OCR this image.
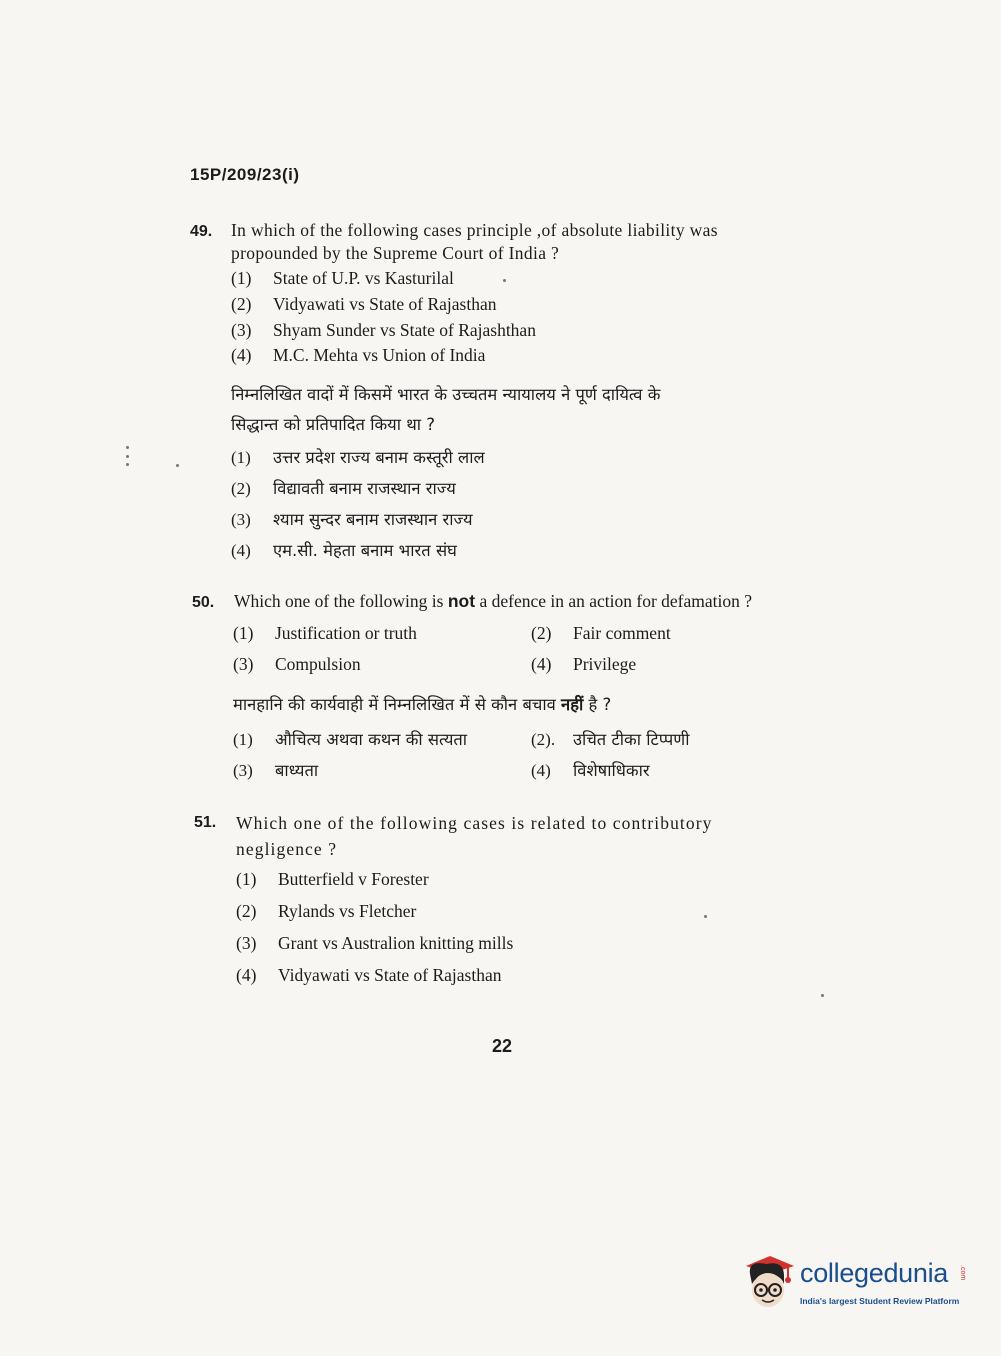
15P/209/23(i)
49. In which of the following cases principle ,of absolute liability was
propounded by the Supreme Court of India ?
(1) State of U.P. vs Kasturilal
(2) Vidyawati vs State of Rajasthan
(3) Shyam Sunder vs State of Rajashthan
(4) M.C. Mehta vs Union of India
निम्नलिखित वादों में किसमें भारत के उच्चतम न्यायालय ने पूर्ण दायित्व के
सिद्धान्त को प्रतिपादित किया था ?
(1) उत्तर प्रदेश राज्य बनाम कस्तूरी लाल
(2) विद्यावती बनाम राजस्थान राज्य
(3) श्याम सुन्दर बनाम राजस्थान राज्य
(4) एम.सी. मेहता बनाम भारत संघ
50. Which one of the following is not a defence in an action for defamation ?
(1) Justification or truth	(2) Fair comment
(3) Compulsion	(4) Privilege
मानहानि की कार्यवाही में निम्नलिखित में से कौन बचाव नहीं है ?
(1) औचित्य अथवा कथन की सत्यता	(2). उचित टीका टिप्पणी
(3) बाध्यता	(4) विशेषाधिकार
51. Which one of the following cases is related to contributory
negligence ?
(1) Butterfield v Forester
(2) Rylands vs Fletcher
(3) Grant vs Australion knitting mills
(4) Vidyawati vs State of Rajasthan
22
collegedunia .com
India's largest Student Review Platform
